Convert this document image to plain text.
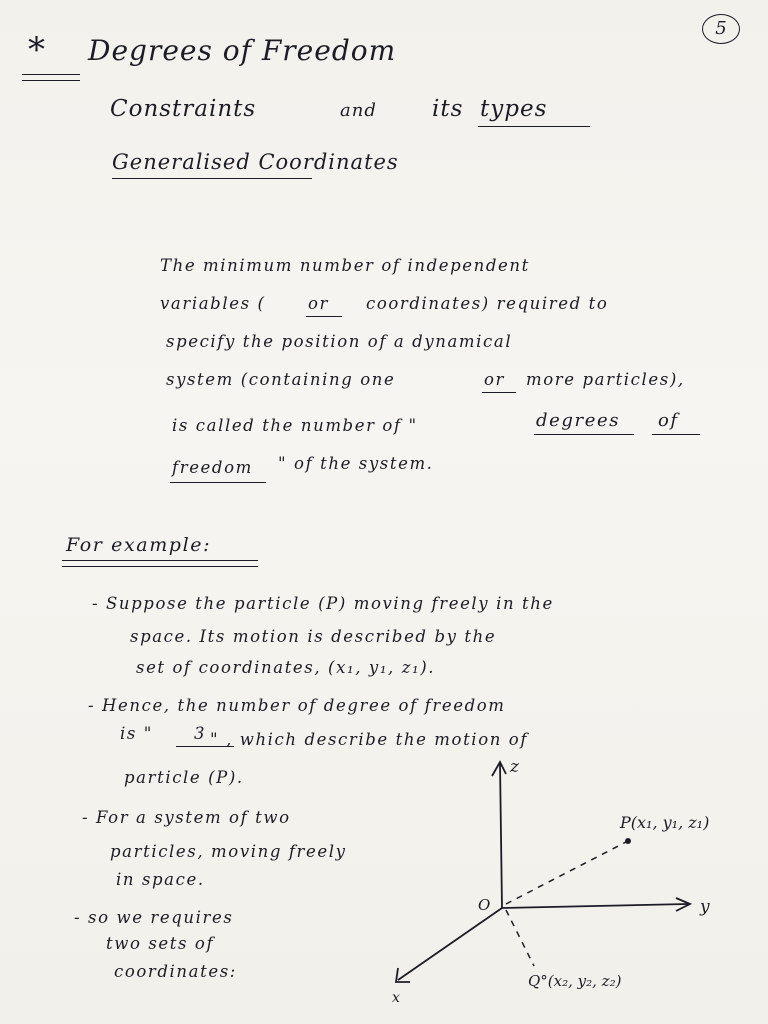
5
* Degrees of Freedom
Constraints	and its types
Generalised Coordinates
The minimum number of independent
variables (	or coordinates) required to
specify the position of a dynamical
system (containing one	or more particles),
is called the number of "	degrees of
freedom " of the system.
For example:
- Suppose the particle (P) moving freely in the
space. Its motion is described by the
set of coordinates, (x₁, y₁, z₁).
- Hence, the number of degree of freedom
is " 3 " , which describe the motion of
particle (P).
- For a system of two
particles, moving freely
in space.
- so we requires
two sets of
coordinates:
z
y
x
O
P(x₁, y₁, z₁)
Q°(x₂, y₂, z₂)
